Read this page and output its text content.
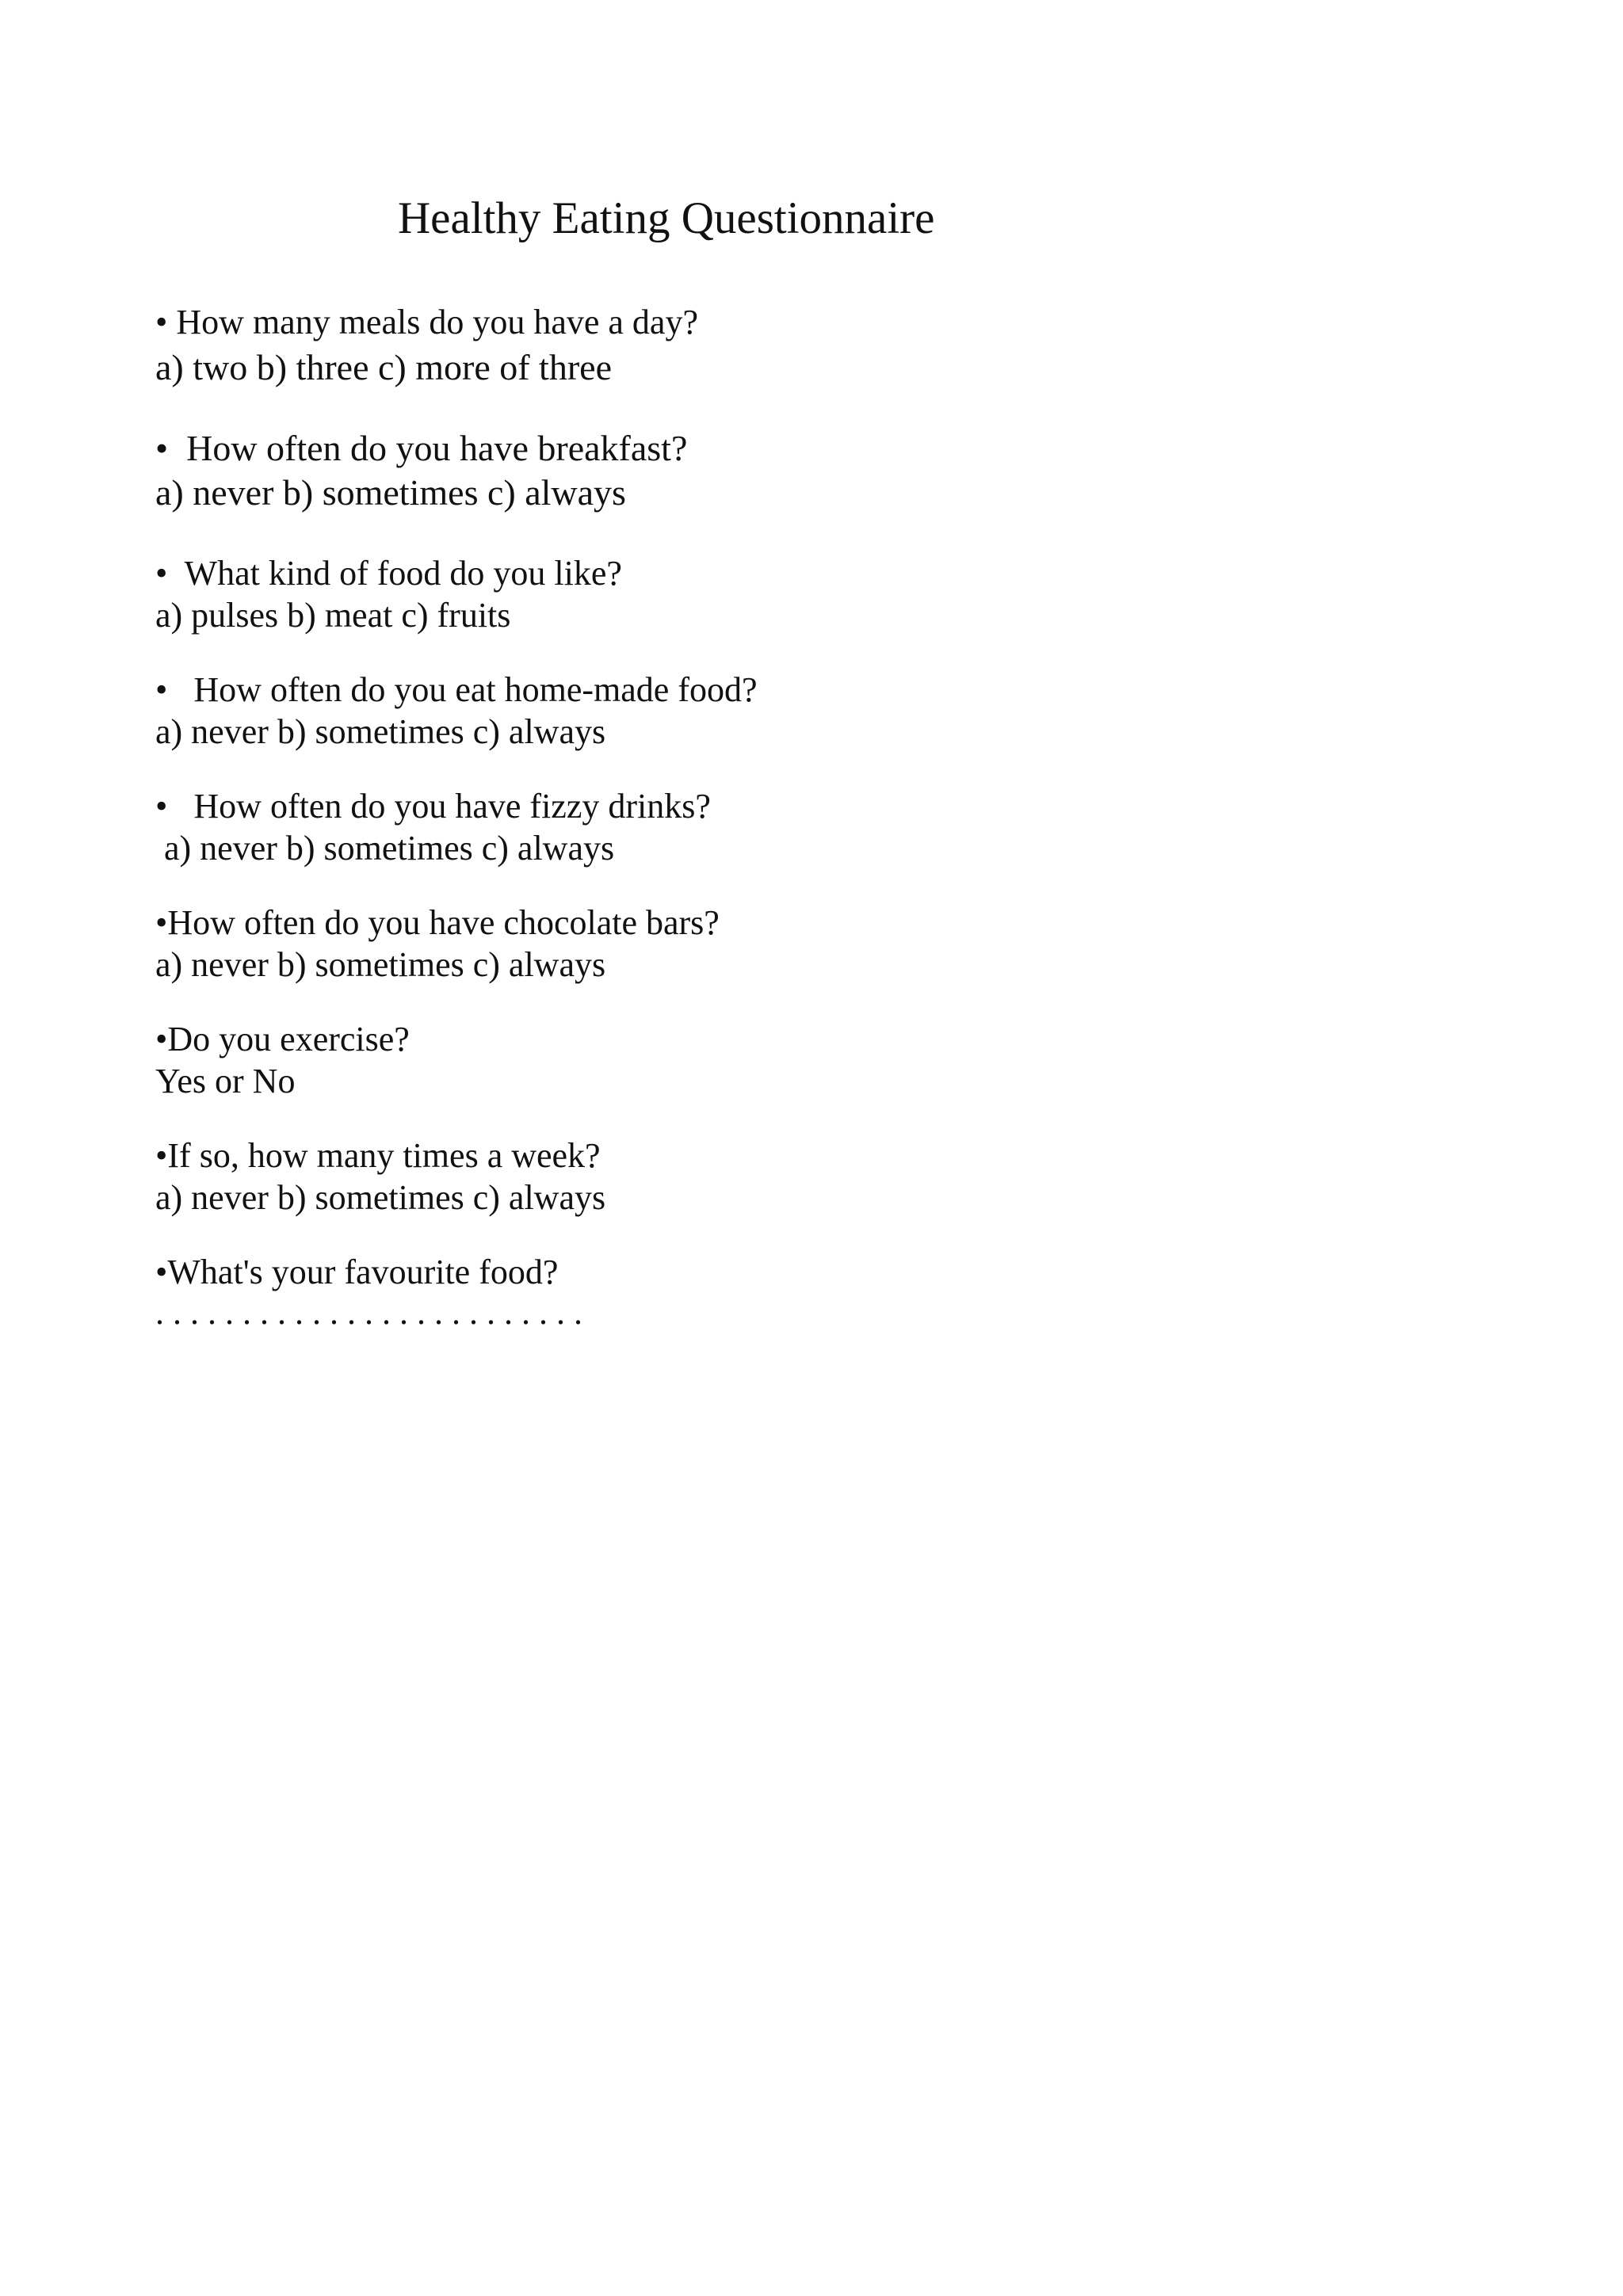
Healthy Eating Questionnaire
• How many meals do you have a day?
a) two b) three c) more of three
•  How often do you have breakfast?
a) never b) sometimes c) always
•  What kind of food do you like?
a) pulses b) meat c) fruits
•   How often do you eat home-made food?
a) never b) sometimes c) always
•   How often do you have fizzy drinks?
a) never b) sometimes c) always
•How often do you have chocolate bars?
a) never b) sometimes c) always
•Do you exercise?
Yes or No
•If so, how many times a week?
a) never b) sometimes c) always
•What's your favourite food?
. . . . . . . . . . . . . . . . . . . . . . . . .
